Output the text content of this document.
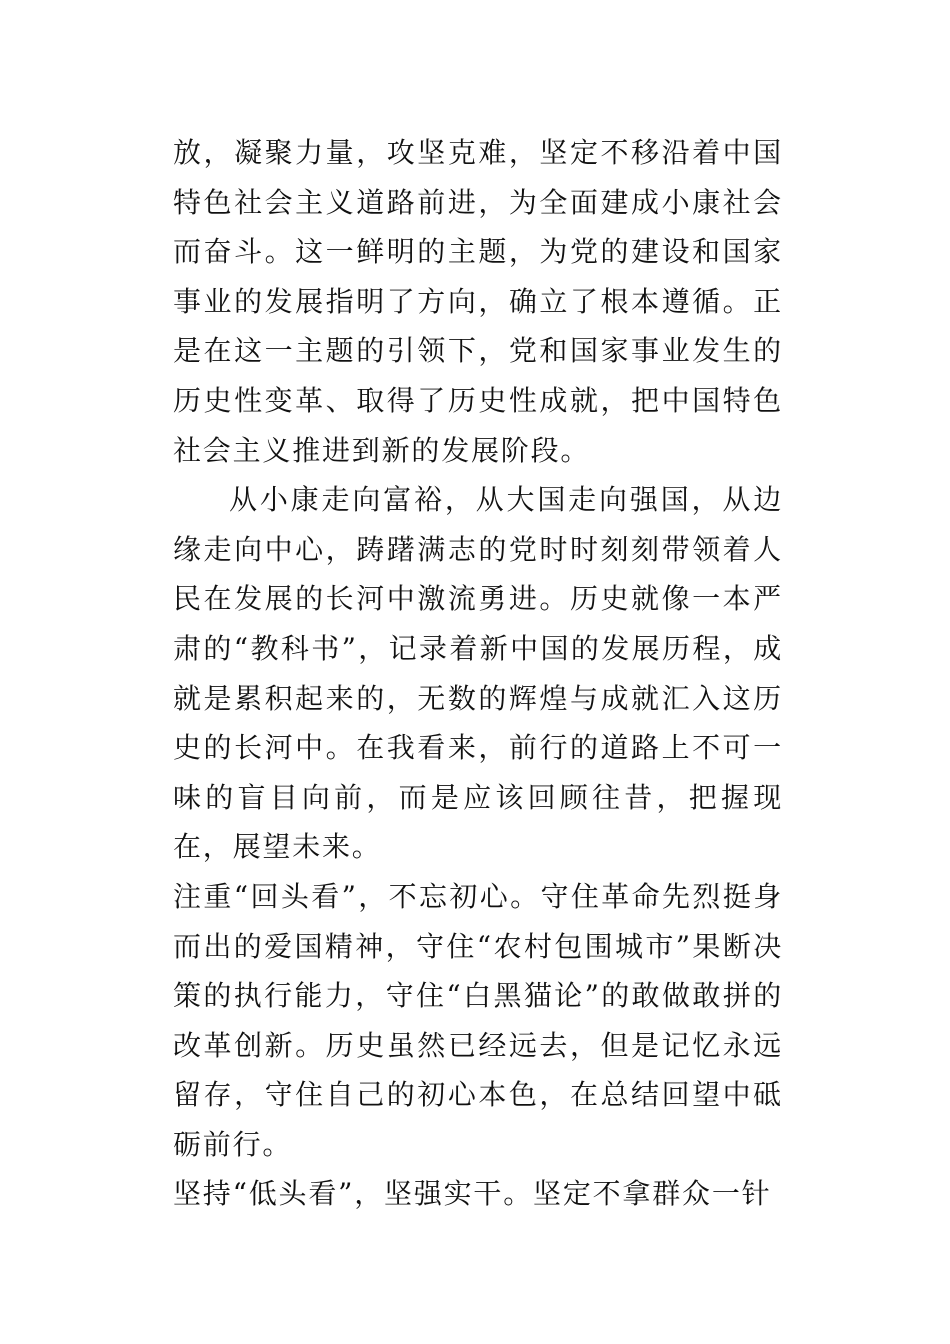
放，凝聚力量，攻坚克难，坚定不移沿着中国特色社会主义道路前进，为全面建成小康社会而奋斗。这一鲜明的主题，为党的建设和国家事业的发展指明了方向，确立了根本遵循。正是在这一主题的引领下，党和国家事业发生的历史性变革、取得了历史性成就，把中国特色社会主义推进到新的发展阶段。

从小康走向富裕，从大国走向强国，从边缘走向中心，踌躇满志的党时时刻刻带领着人民在发展的长河中激流勇进。历史就像一本严肃的“教科书”，记录着新中国的发展历程，成就是累积起来的，无数的辉煌与成就汇入这历史的长河中。在我看来，前行的道路上不可一味的盲目向前，而是应该回顾往昔，把握现在，展望未来。

注重“回头看”，不忘初心。守住革命先烈挺身而出的爱国精神，守住“农村包围城市”果断决策的执行能力，守住“白黑猫论”的敢做敢拼的改革创新。历史虽然已经远去，但是记忆永远留存，守住自己的初心本色，在总结回望中砥砺前行。

坚持“低头看”，坚强实干。坚定不拿群众一针
